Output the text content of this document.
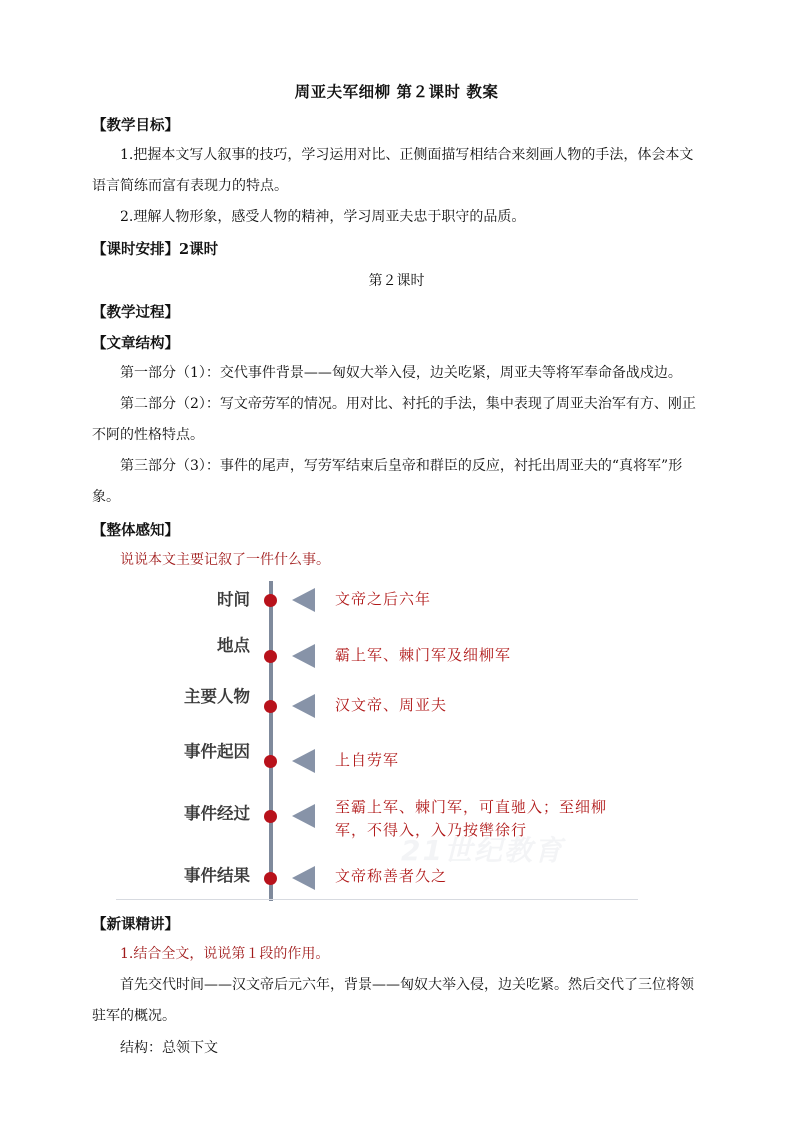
周亚夫军细柳 第２课时 教案
【教学目标】

1.把握本文写人叙事的技巧，学习运用对比、正侧面描写相结合来刻画人物的手法，体会本文语言简练而富有表现力的特点。

2.理解人物形象，感受人物的精神，学习周亚夫忠于职守的品质。

【课时安排】2课时
第２课时
【教学过程】
【文章结构】

第一部分（1）：交代事件背景——匈奴大举入侵，边关吃紧，周亚夫等将军奉命备战戍边。

第二部分（2）：写文帝劳军的情况。用对比、衬托的手法，集中表现了周亚夫治军有方、刚正不阿的性格特点。

第三部分（3）：事件的尾声，写劳军结束后皇帝和群臣的反应，衬托出周亚夫的“真将军”形象。

【整体感知】

说说本文主要记叙了一件什么事。

21世纪教育
时间	文帝之后六年
地点	霸上军、棘门军及细柳军
主要人物	汉文帝、周亚夫
事件起因	上自劳军
事件经过	至霸上军、棘门军，可直驰入；至细柳军，不得入，入乃按辔徐行
事件结果	文帝称善者久之
【新课精讲】

1.结合全文，说说第１段的作用。

首先交代时间——汉文帝后元六年，背景——匈奴大举入侵，边关吃紧。然后交代了三位将领驻军的概况。

结构：总领下文
